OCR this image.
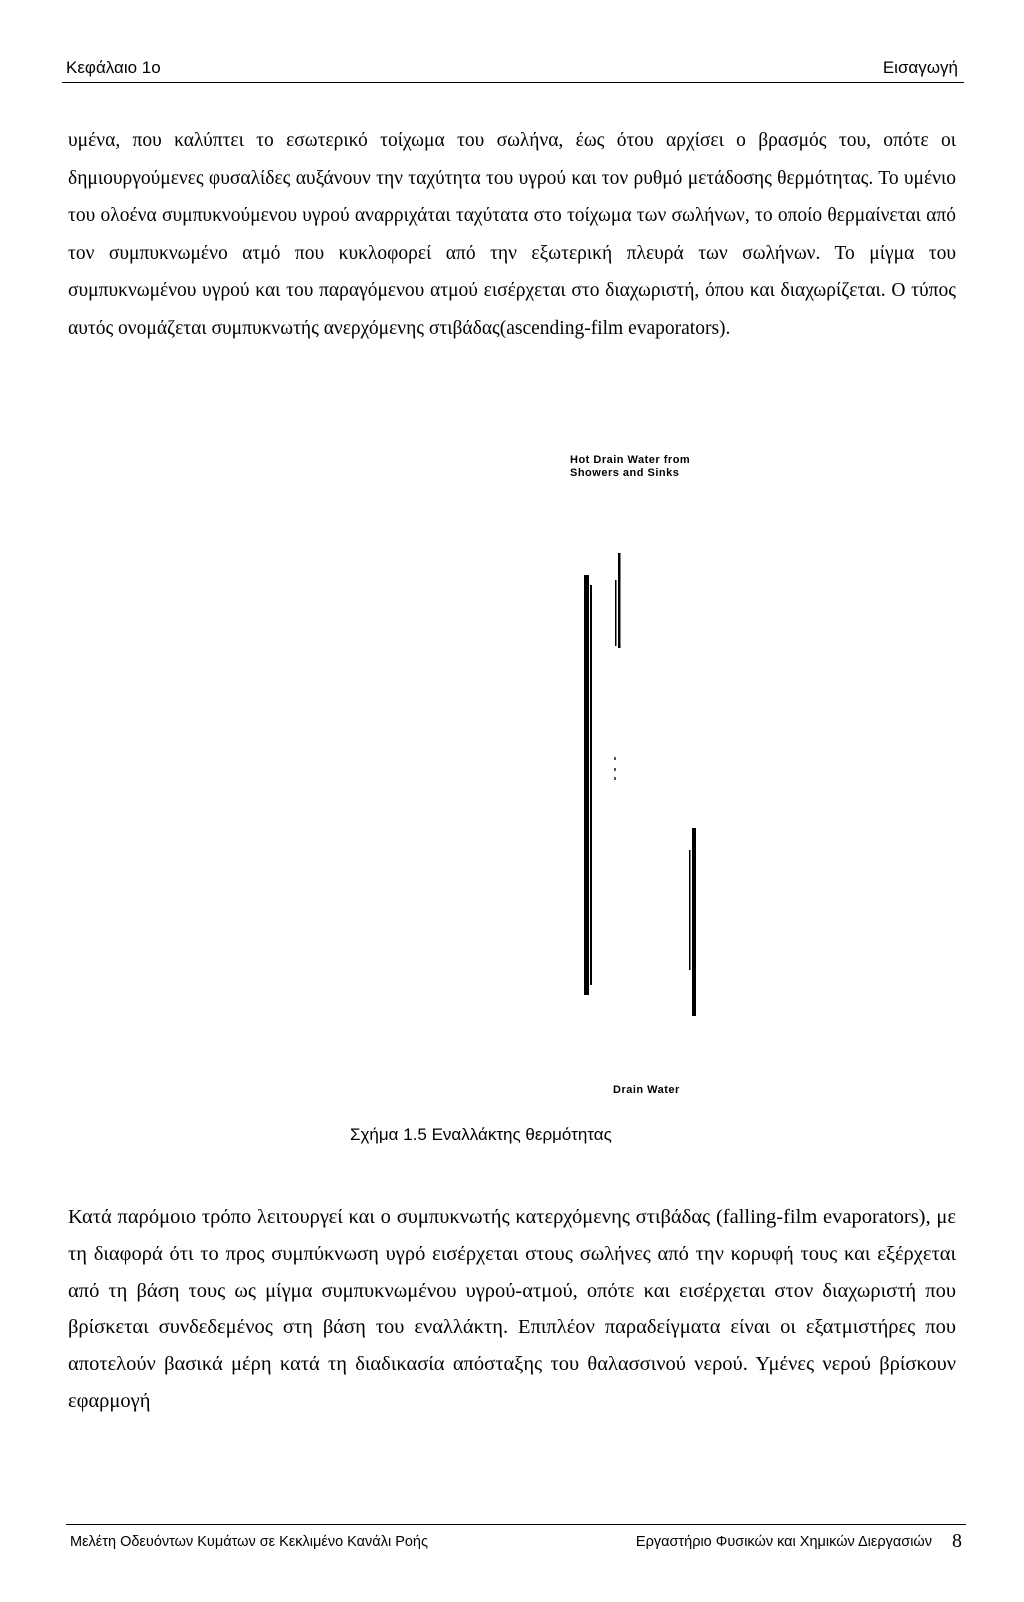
Κεφάλαιο 1ο	Εισαγωγή

υμένα, που καλύπτει το εσωτερικό τοίχωμα του σωλήνα, έως ότου αρχίσει ο βρασμός του, οπότε οι δημιουργούμενες φυσαλίδες αυξάνουν την ταχύτητα του υγρού και τον ρυθμό μετάδοσης θερμότητας. Το υμένιο του ολοένα συμπυκνούμενου υγρού αναρριχάται ταχύτατα στο τοίχωμα των σωλήνων, το οποίο θερμαίνεται από τον συμπυκνωμένο ατμό που κυκλοφορεί από την εξωτερική πλευρά των σωλήνων. Το μίγμα του συμπυκνωμένου υγρού και του παραγόμενου ατμού εισέρχεται στο διαχωριστή, όπου και διαχωρίζεται. Ο τύπος αυτός ονομάζεται συμπυκνωτής ανερχόμενης στιβάδας(ascending-film evaporators).

Hot Drain Water from
Showers and Sinks
Drain Water
Σχήμα 1.5 Εναλλάκτης θερμότητας

Κατά παρόμοιο τρόπο λειτουργεί και ο συμπυκνωτής κατερχόμενης στιβάδας (falling-film evaporators), με τη διαφορά ότι το προς συμπύκνωση υγρό εισέρχεται στους σωλήνες από την κορυφή τους και εξέρχεται από τη βάση τους ως μίγμα συμπυκνωμένου υγρού-ατμού, οπότε και εισέρχεται στον διαχωριστή που βρίσκεται συνδεδεμένος στη βάση του εναλλάκτη. Επιπλέον παραδείγματα είναι οι εξατμιστήρες που αποτελούν βασικά μέρη κατά τη διαδικασία απόσταξης του θαλασσινού νερού. Υμένες νερού βρίσκουν εφαρμογή

Μελέτη Οδευόντων Κυμάτων σε Κεκλιμένο Κανάλι Ροής	Εργαστήριο Φυσικών και Χημικών Διεργασιών 8
